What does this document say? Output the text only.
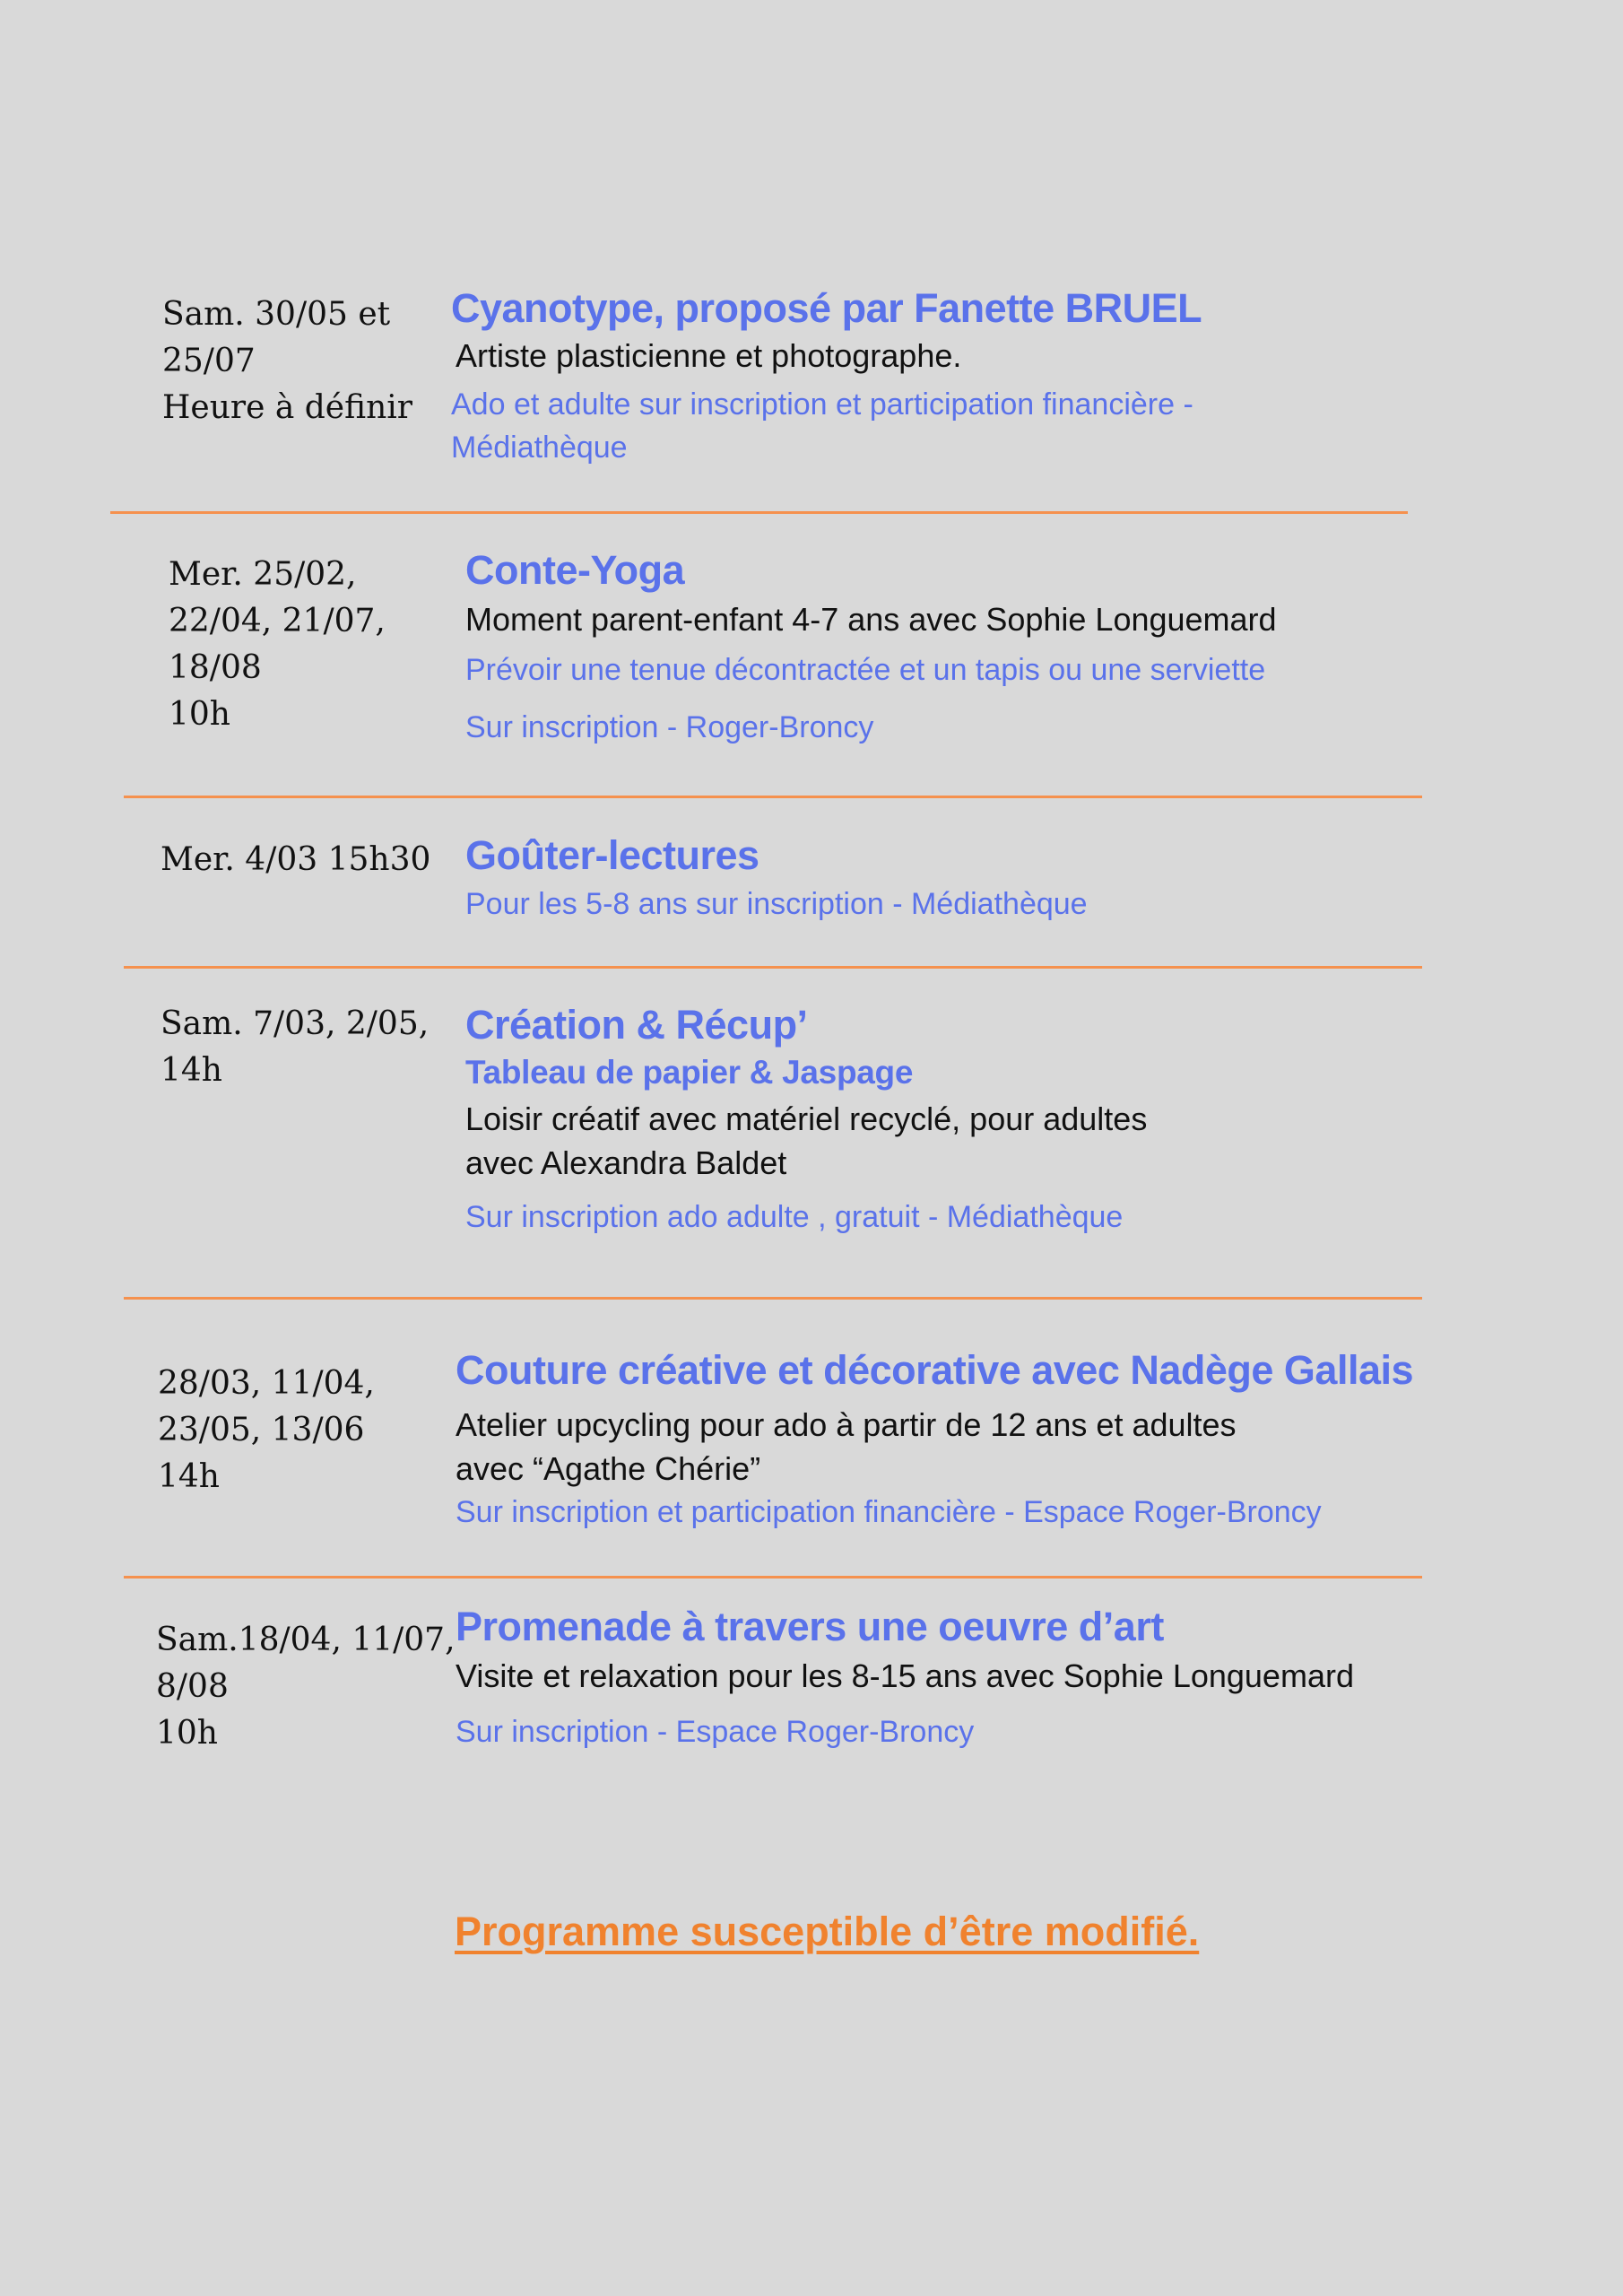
Sam. 30/05 et
25/07
Heure à définir
Cyanotype, proposé par Fanette BRUEL
Artiste plasticienne et photographe.
Ado et adulte sur inscription et participation financière -
Médiathèque
Mer. 25/02,
22/04, 21/07,
18/08
10h
Conte-Yoga
Moment parent-enfant 4-7 ans avec Sophie Longuemard
Prévoir une tenue décontractée et un tapis ou une serviette
Sur inscription - Roger-Broncy
Mer. 4/03 15h30 Goûter-lectures
Pour les 5-8 ans sur inscription - Médiathèque
Sam. 7/03, 2/05,
14h
Création & Récup’
Tableau de papier & Jaspage
Loisir créatif avec matériel recyclé, pour adultes
avec Alexandra Baldet
Sur inscription ado adulte , gratuit - Médiathèque
28/03, 11/04,
23/05, 13/06
14h
Couture créative et décorative avec Nadège Gallais
Atelier upcycling pour ado à partir de 12 ans et adultes
avec “Agathe Chérie”
Sur inscription et participation financière - Espace Roger-Broncy
Sam.18/04, 11/07,
8/08
10h
Promenade à travers une oeuvre d’art
Visite et relaxation pour les 8-15 ans avec Sophie Longuemard
Sur inscription - Espace Roger-Broncy
Programme susceptible d’être modifié.
